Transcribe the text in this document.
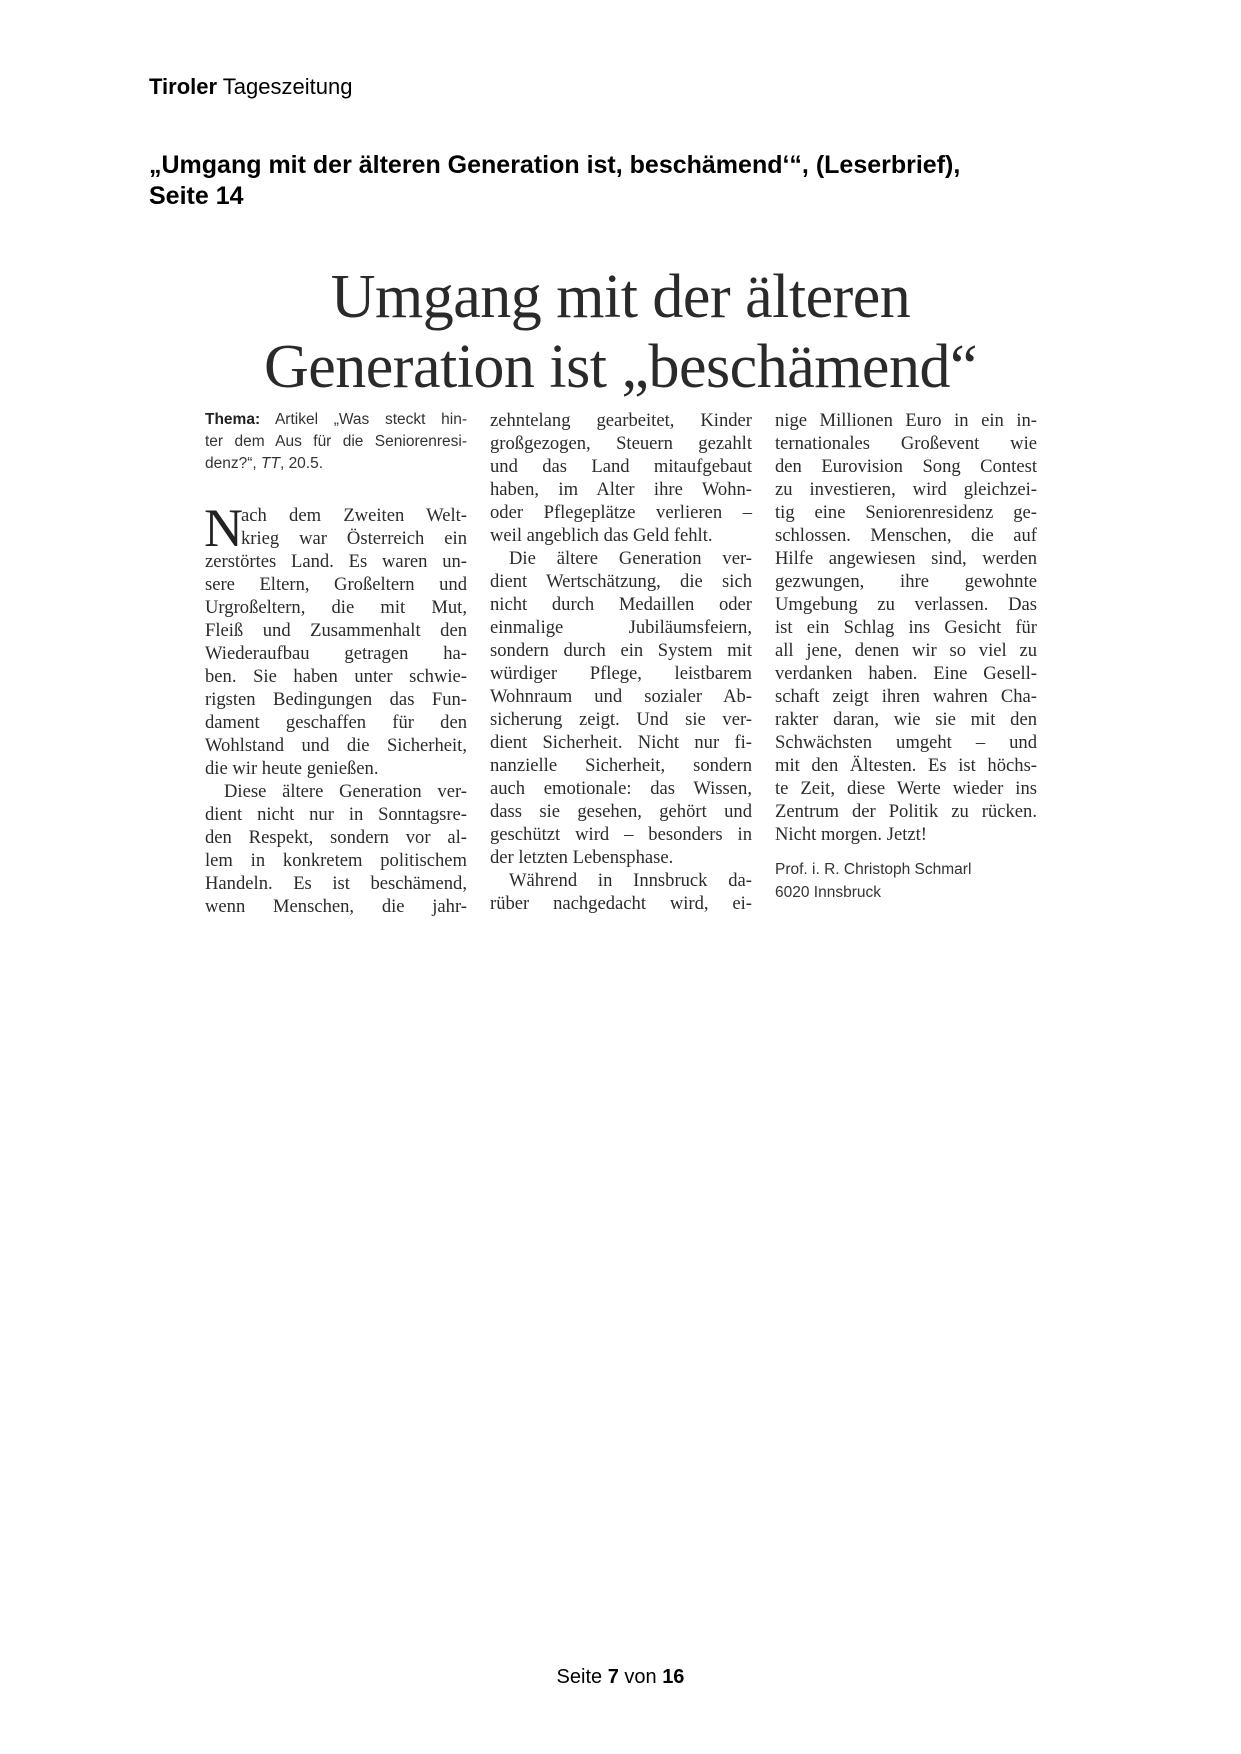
Tiroler Tageszeitung
„Umgang mit der älteren Generation ist, beschämend‘“, (Leserbrief),
Seite 14
Umgang mit der älteren
Generation ist „beschämend“
Thema: Artikel „Was steckt hin-
ter dem Aus für die Seniorenresi-
denz?“, TT, 20.5.
N
ach dem Zweiten Welt-
krieg war Österreich ein
zerstörtes Land. Es waren un-
sere Eltern, Großeltern und
Urgroßeltern, die mit Mut,
Fleiß und Zusammenhalt den
Wiederaufbau getragen ha-
ben. Sie haben unter schwie-
rigsten Bedingungen das Fun-
dament geschaffen für den
Wohlstand und die Sicherheit,
die wir heute genießen.
Diese ältere Generation ver-
dient nicht nur in Sonntagsre-
den Respekt, sondern vor al-
lem in konkretem politischem
Handeln. Es ist beschämend,
wenn Menschen, die jahr-
zehntelang gearbeitet, Kinder
großgezogen, Steuern gezahlt
und das Land mitaufgebaut
haben, im Alter ihre Wohn-
oder Pflegeplätze verlieren –
weil angeblich das Geld fehlt.
Die ältere Generation ver-
dient Wertschätzung, die sich
nicht durch Medaillen oder
einmalige Jubiläumsfeiern,
sondern durch ein System mit
würdiger Pflege, leistbarem
Wohnraum und sozialer Ab-
sicherung zeigt. Und sie ver-
dient Sicherheit. Nicht nur fi-
nanzielle Sicherheit, sondern
auch emotionale: das Wissen,
dass sie gesehen, gehört und
geschützt wird – besonders in
der letzten Lebensphase.
Während in Innsbruck da-
rüber nachgedacht wird, ei-
nige Millionen Euro in ein in-
ternationales Großevent wie
den Eurovision Song Contest
zu investieren, wird gleichzei-
tig eine Seniorenresidenz ge-
schlossen. Menschen, die auf
Hilfe angewiesen sind, werden
gezwungen, ihre gewohnte
Umgebung zu verlassen. Das
ist ein Schlag ins Gesicht für
all jene, denen wir so viel zu
verdanken haben. Eine Gesell-
schaft zeigt ihren wahren Cha-
rakter daran, wie sie mit den
Schwächsten umgeht – und
mit den Ältesten. Es ist höchs-
te Zeit, diese Werte wieder ins
Zentrum der Politik zu rücken.
Nicht morgen. Jetzt!
Prof. i. R. Christoph Schmarl
6020 Innsbruck
Seite 7 von 16
